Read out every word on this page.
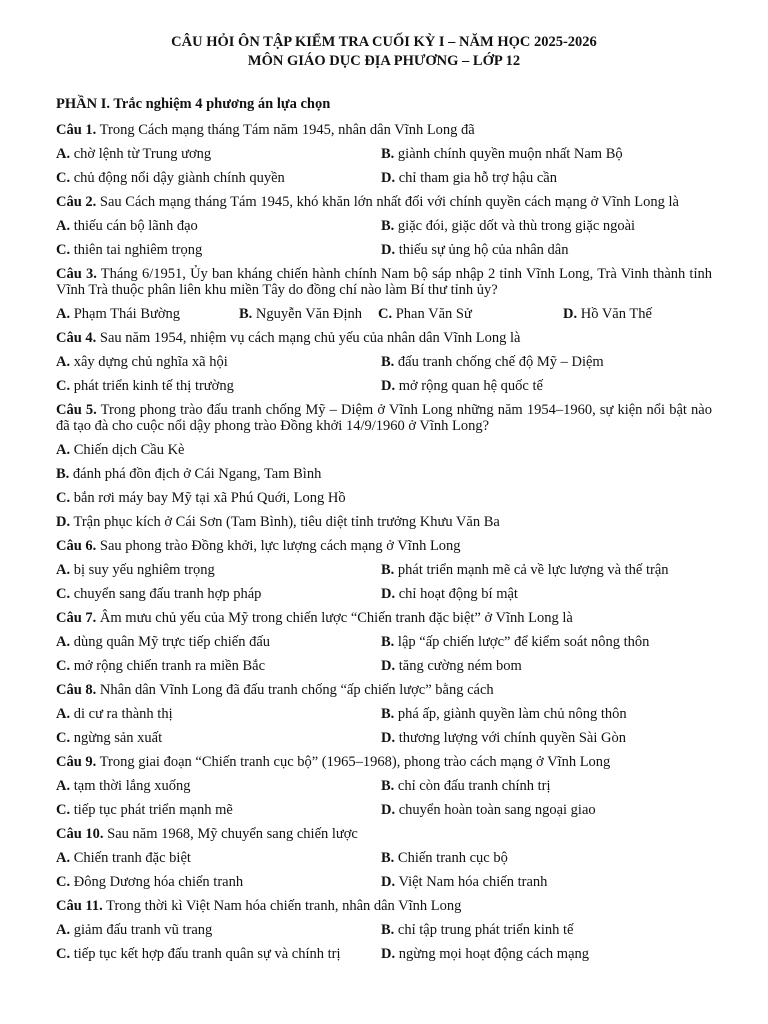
CÂU HỎI ÔN TẬP KIỂM TRA CUỐI KỲ I – NĂM HỌC 2025-2026
MÔN GIÁO DỤC ĐỊA PHƯƠNG – LỚP 12
PHẦN I. Trắc nghiệm 4 phương án lựa chọn
Câu 1. Trong Cách mạng tháng Tám năm 1945, nhân dân Vĩnh Long đã
A. chờ lệnh từ Trung ương	B. giành chính quyền muộn nhất Nam Bộ
C. chủ động nổi dậy giành chính quyền	D. chỉ tham gia hỗ trợ hậu cần
Câu 2. Sau Cách mạng tháng Tám 1945, khó khăn lớn nhất đối với chính quyền cách mạng ở Vĩnh Long là
A. thiếu cán bộ lãnh đạo	B. giặc đói, giặc dốt và thù trong giặc ngoài
C. thiên tai nghiêm trọng	D. thiếu sự ủng hộ của nhân dân
Câu 3. Tháng 6/1951, Ủy ban kháng chiến hành chính Nam bộ sáp nhập 2 tỉnh Vĩnh Long, Trà Vinh thành tỉnh Vĩnh Trà thuộc phân liên khu miền Tây do đồng chí nào làm Bí thư tỉnh ủy?
A. Phạm Thái Bường	B. Nguyễn Văn Định	C. Phan Văn Sử	D. Hồ Văn Thế
Câu 4. Sau năm 1954, nhiệm vụ cách mạng chủ yếu của nhân dân Vĩnh Long là
A. xây dựng chủ nghĩa xã hội	B. đấu tranh chống chế độ Mỹ – Diệm
C. phát triển kinh tế thị trường	D. mở rộng quan hệ quốc tế
Câu 5. Trong phong trào đấu tranh chống Mỹ – Diệm ở Vĩnh Long những năm 1954–1960, sự kiện nổi bật nào đã tạo đà cho cuộc nổi dậy phong trào Đồng khởi 14/9/1960 ở Vĩnh Long?
A. Chiến dịch Cầu Kè
B. đánh phá đồn địch ở Cái Ngang, Tam Bình
C. bắn rơi máy bay Mỹ tại xã Phú Quới, Long Hồ
D. Trận phục kích ở Cái Sơn (Tam Bình), tiêu diệt tỉnh trưởng Khưu Văn Ba
Câu 6. Sau phong trào Đồng khởi, lực lượng cách mạng ở Vĩnh Long
A. bị suy yếu nghiêm trọng	B. phát triển mạnh mẽ cả về lực lượng và thế trận
C. chuyển sang đấu tranh hợp pháp	D. chỉ hoạt động bí mật
Câu 7. Âm mưu chủ yếu của Mỹ trong chiến lược “Chiến tranh đặc biệt” ở Vĩnh Long là
A. dùng quân Mỹ trực tiếp chiến đấu	B. lập “ấp chiến lược” để kiểm soát nông thôn
C. mở rộng chiến tranh ra miền Bắc	D. tăng cường ném bom
Câu 8. Nhân dân Vĩnh Long đã đấu tranh chống “ấp chiến lược” bằng cách
A. di cư ra thành thị	B. phá ấp, giành quyền làm chủ nông thôn
C. ngừng sản xuất	D. thương lượng với chính quyền Sài Gòn
Câu 9. Trong giai đoạn “Chiến tranh cục bộ” (1965–1968), phong trào cách mạng ở Vĩnh Long
A. tạm thời lắng xuống	B. chỉ còn đấu tranh chính trị
C. tiếp tục phát triển mạnh mẽ	D. chuyển hoàn toàn sang ngoại giao
Câu 10. Sau năm 1968, Mỹ chuyển sang chiến lược
A. Chiến tranh đặc biệt	B. Chiến tranh cục bộ
C. Đông Dương hóa chiến tranh	D. Việt Nam hóa chiến tranh
Câu 11. Trong thời kì Việt Nam hóa chiến tranh, nhân dân Vĩnh Long
A. giảm đấu tranh vũ trang	B. chỉ tập trung phát triển kinh tế
C. tiếp tục kết hợp đấu tranh quân sự và chính trị	D. ngừng mọi hoạt động cách mạng
